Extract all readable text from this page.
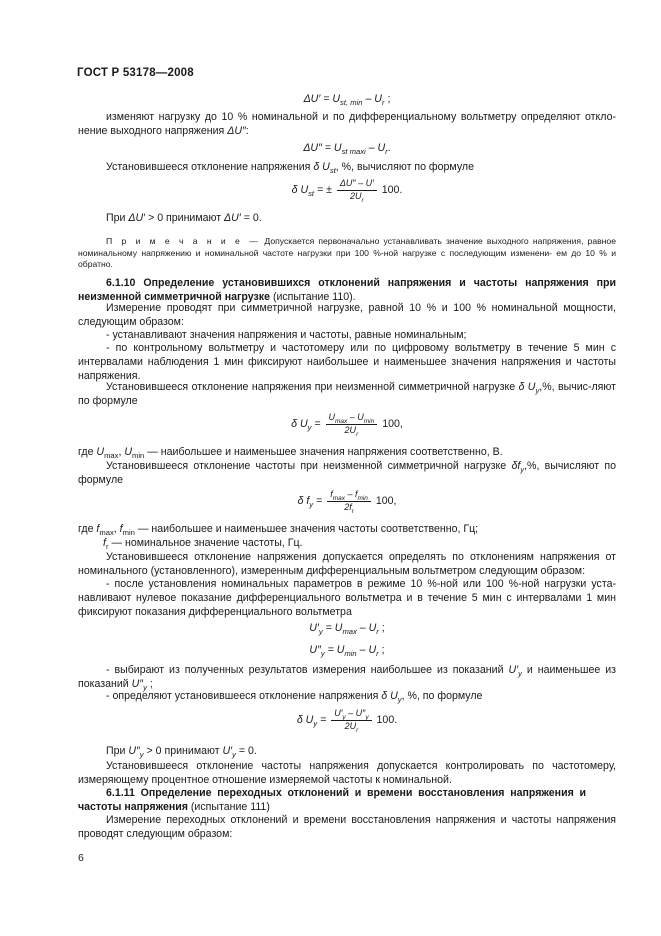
ГОСТ Р 53178—2008
$\Delta U' = U_{st, min} - U_r$ ;
изменяют нагрузку до 10 % номинальной и по дифференциальному вольтметру определяют откло-нение выходного напряжения ΔU″:
$\Delta U'' = U_{st maxi} - U_r$.
Установившееся отклонение напряжения δ $U_{st}$, %, вычисляют по формуле
δ $U_{st}$ = ± $\frac{\Delta U'' - U'}{2U_r} 100$.
При ΔU′ > 0 принимают ΔU′ = 0.
П р и м е ч а н и е — Допускается первоначально устанавливать значение выходного напряжения, равное номинальному напряжению и номинальной частоте нагрузки при 100 %-ной нагрузке с последующим изменени- ем до 10 % и обратно.
6.1.10 Определение установившихся отклонений напряжения и частоты напряжения при неизменной симметричной нагрузке (испытание 110).
Измерение проводят при симметричной нагрузке, равной 10 % и 100 % номинальной мощности, следующим образом:
- устанавливают значения напряжения и частоты, равные номинальным;
- по контрольному вольтметру и частотомеру или по цифровому вольтметру в течение 5 мин с интервалами наблюдения 1 мин фиксируют наибольшее и наименьшее значения напряжения и частоты напряжения.
Установившееся отклонение напряжения при неизменной симметричной нагрузке δ $U_y,\%$, вычис-ляют по формуле
δ $U_y = \frac{U_{max} - U_{min}}{2U_r} 100$,
где $U_{max}$, $U_{min}$ — наибольшее и наименьшее значения напряжения соответственно, В.
Установившееся отклонение частоты при неизменной симметричной нагрузке $\delta f_y,\%$, вычисляют по формуле
δ $f_y = \frac{f_{max} - f_{min}}{2f_r} 100$,
где $f_{max}$, $f_{min}$ — наибольшее и наименьшее значения частоты соответственно, Гц;
$f_r$ — номинальное значение частоты, Гц.
Установившееся отклонение напряжения допускается определять по отклонениям напряжения от номинального (установленного), измеренным дифференциальным вольтметром следующим образом:
- после установления номинальных параметров в режиме 10 %-ной или 100 %-ной нагрузки уста- навливают нулевое показание дифференциального вольтметра и в течение 5 мин с интервалами 1 мин фиксируют показания дифференциального вольтметра
$U'_y = U_{max} - U_r$ ;
$U''_y = U_{min} - U_r$ ;
- выбирают из полученных результатов измерения наибольшее из показаний $U'_y$ и наименьшее из показаний $U''_y$ ;
- определяют установившееся отклонение напряжения δ $U_y$, %, по формуле
δ $U_y = \frac{U'_y - U''_y}{2U_r} 100$.
При $U''_y > 0$ принимают $U'_y = 0$.
Установившееся отклонение частоты напряжения допускается контролировать по частотомеру, измеряющему процентное отношение измеряемой частоты к номинальной.
6.1.11 Определение переходных отклонений и времени восстановления напряжения и частоты напряжения (испытание 111)
Измерение переходных отклонений и времени восстановления напряжения и частоты напряжения проводят следующим образом:
6
